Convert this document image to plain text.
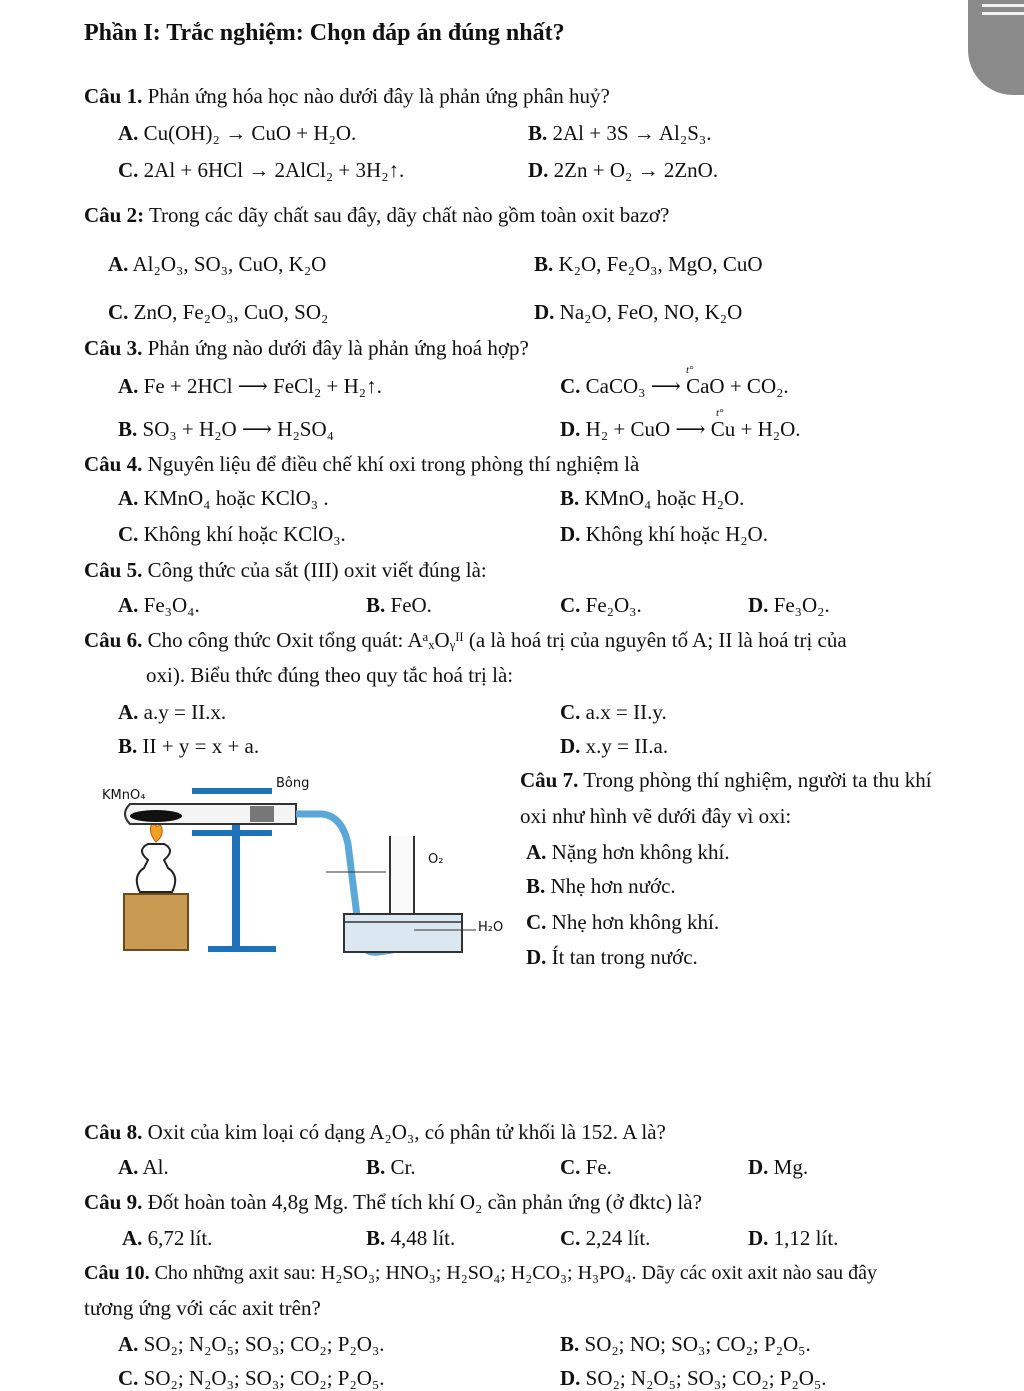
Phần I: Trắc nghiệm: Chọn đáp án đúng nhất?
Câu 1. Phản ứng hóa học nào dưới đây là phản ứng phân huỷ?
A. Cu(OH)₂ → CuO + H₂O.	B. 2Al + 3S → Al₂S₃.
C. 2Al + 6HCl → 2AlCl₂ + 3H₂↑.	D. 2Zn + O₂ → 2ZnO.
Câu 2: Trong các dãy chất sau đây, dãy chất nào gồm toàn oxit bazơ?
A. Al₂O₃, SO₃, CuO, K₂O	B. K₂O, Fe₂O₃, MgO, CuO
C. ZnO, Fe₂O₃, CuO, SO₂	D. Na₂O, FeO, NO, K₂O
Câu 3. Phản ứng nào dưới đây là phản ứng hoá hợp?
A. Fe + 2HCl ⟶ FeCl₂ + H₂↑.	C. CaCO₃ ⟶ CaO + CO₂.
t°
B. SO₃ + H₂O ⟶ H₂SO₄	D. H₂ + CuO ⟶ Cu + H₂O.
t°
Câu 4. Nguyên liệu để điều chế khí oxi trong phòng thí nghiệm là
A. KMnO₄ hoặc KClO₃ .	B. KMnO₄ hoặc H₂O.
C. Không khí hoặc KClO₃.	D. Không khí hoặc H₂O.
Câu 5. Công thức của sắt (III) oxit viết đúng là:
A. Fe₃O₄.	B. FeO.	C. Fe₂O₃.	D. Fe₃O₂.
Câu 6. Cho công thức Oxit tổng quát: AᵃₓOᵧᴵᴵ (a là hoá trị của nguyên tố A; II là hoá trị của
oxi). Biểu thức đúng theo quy tắc hoá trị là:
A. a.y = II.x.	C. a.x = II.y.
B. II + y = x + a.	D. x.y = II.a.
KMnO₄
Bông
O₂
H₂O
Câu 7. Trong phòng thí nghiệm, người ta thu khí
oxi như hình vẽ dưới đây vì oxi:
A. Nặng hơn không khí.
B. Nhẹ hơn nước.
C. Nhẹ hơn không khí.
D. Ít tan trong nước.
Câu 8. Oxit của kim loại có dạng A₂O₃, có phân tử khối là 152. A là?
A. Al.	B. Cr.	C. Fe.	D. Mg.
Câu 9. Đốt hoàn toàn 4,8g Mg. Thể tích khí O₂ cần phản ứng (ở đktc) là?
A. 6,72 lít.	B. 4,48 lít.	C. 2,24 lít.	D. 1,12 lít.
Câu 10. Cho những axit sau: H₂SO₃; HNO₃; H₂SO₄; H₂CO₃; H₃PO₄. Dãy các oxit axit nào sau đây
tương ứng với các axit trên?
A. SO₂; N₂O₅; SO₃; CO₂; P₂O₃.	B. SO₂; NO; SO₃; CO₂; P₂O₅.
C. SO₂; N₂O₃; SO₃; CO₂; P₂O₅.	D. SO₂; N₂O₅; SO₃; CO₂; P₂O₅.
